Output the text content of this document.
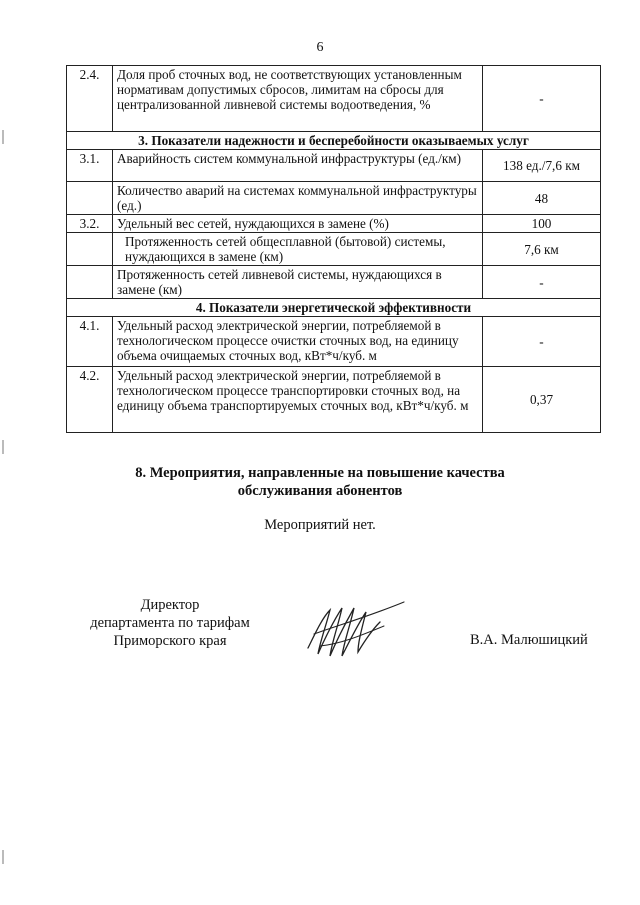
6
2.4.	Доля проб сточных вод, не соответствующих установленным нормативам допустимых сбросов, лимитам на сбросы для централизованной ливневой системы водоотведения, %	-
3. Показатели надежности и бесперебойности оказываемых услуг		
3.1.	Аварийность систем коммунальной инфраструктуры (ед./км)	138 ед./7,6 км
	Количество аварий на системах коммунальной инфраструктуры (ед.)	48
3.2.	Удельный вес сетей, нуждающихся в замене (%)	100
	Протяженность сетей общесплавной (бытовой) системы, нуждающихся в замене (км)	7,6 км
	Протяженность сетей ливневой системы, нуждающихся в замене (км)	-
4. Показатели энергетической эффективности		
4.1.	Удельный расход электрической энергии, потребляемой в технологическом процессе очистки сточных вод, на единицу объема очищаемых сточных вод, кВт*ч/куб. м	-
4.2.	Удельный расход электрической энергии, потребляемой в технологическом процессе транспортировки сточных вод, на единицу объема транспортируемых сточных вод, кВт*ч/куб. м	0,37
8. Мероприятия, направленные на повышение качества
обслуживания абонентов
Мероприятий нет.
Директор
департамента по тарифам
Приморского края	В.А. Малюшицкий
